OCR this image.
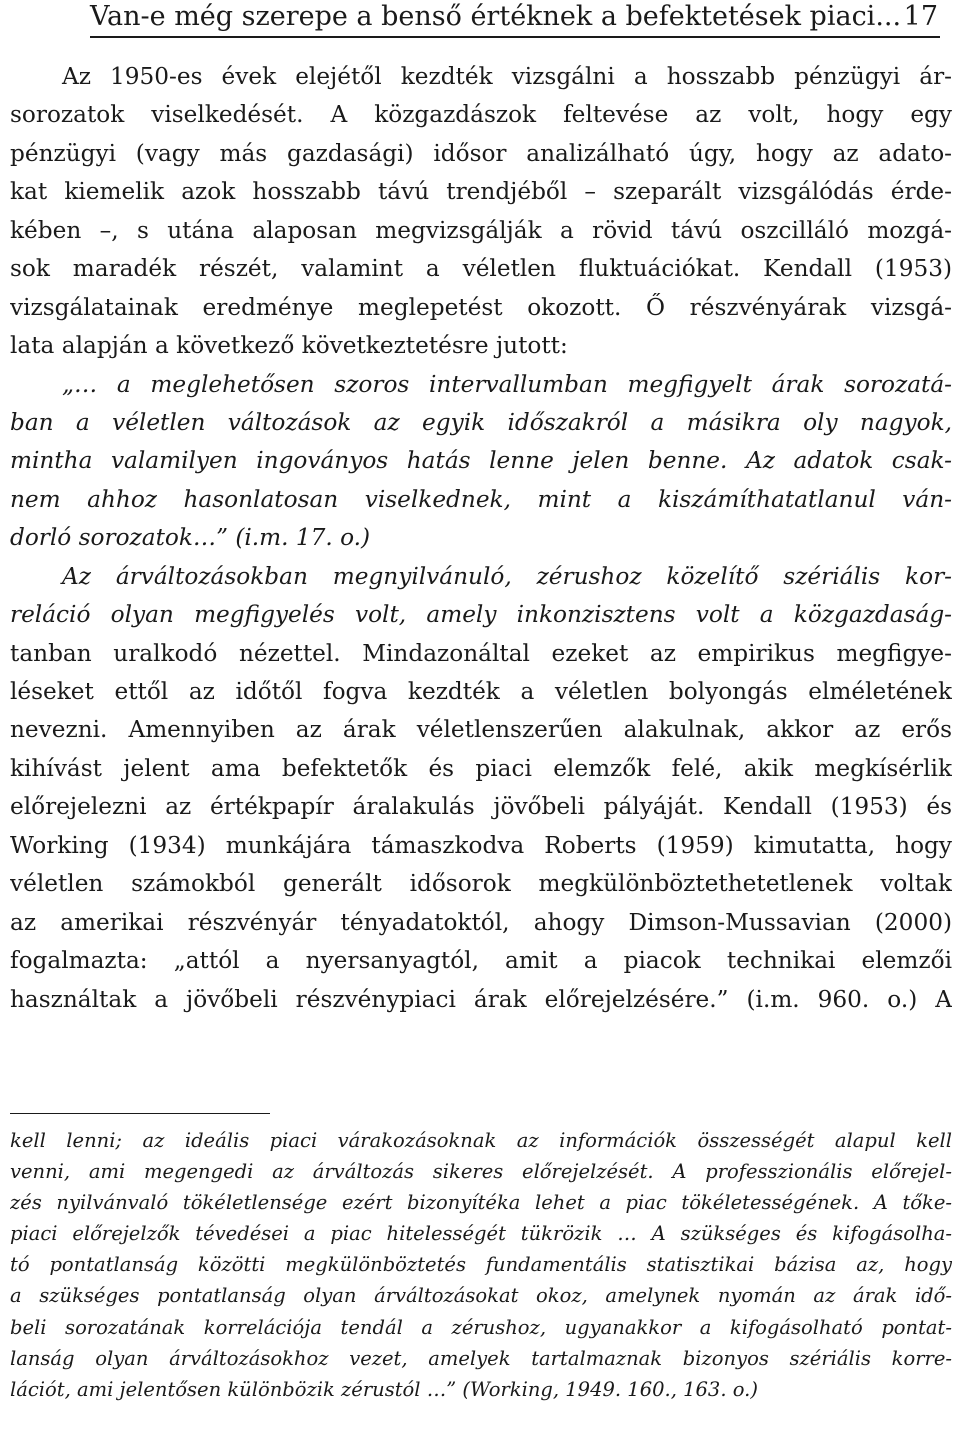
Van-e még szerepe a benső értéknek a befektetések piaci... 17
Az 1950-es évek elejétől kezdték vizsgálni a hosszabb pénzügyi ár-
sorozatok viselkedését. A közgazdászok feltevése az volt, hogy egy
pénzügyi (vagy más gazdasági) idősor analizálható úgy, hogy az adato-
kat kiemelik azok hosszabb távú trendjéből – szeparált vizsgálódás érde-
kében –, s utána alaposan megvizsgálják a rövid távú oszcilláló mozgá-
sok maradék részét, valamint a véletlen fluktuációkat. Kendall (1953)
vizsgálatainak eredménye meglepetést okozott. Ő részvényárak vizsgá-
lata alapján a következő következtetésre jutott:
„… a meglehetősen szoros intervallumban megfigyelt árak sorozatá-
ban a véletlen változások az egyik időszakról a másikra oly nagyok,
mintha valamilyen ingoványos hatás lenne jelen benne. Az adatok csak-
nem ahhoz hasonlatosan viselkednek, mint a kiszámíthatatlanul ván-
dorló sorozatok…” (i.m. 17. o.)
Az árváltozásokban megnyilvánuló, zérushoz közelítő szériális kor-
reláció olyan megfigyelés volt, amely inkonzisztens volt a közgazdaság-
tanban uralkodó nézettel. Mindazonáltal ezeket az empirikus megfigye-
léseket ettől az időtől fogva kezdték a véletlen bolyongás elméletének
nevezni. Amennyiben az árak véletlenszerűen alakulnak, akkor az erős
kihívást jelent ama befektetők és piaci elemzők felé, akik megkísérlik
előrejelezni az értékpapír áralakulás jövőbeli pályáját. Kendall (1953) és
Working (1934) munkájára támaszkodva Roberts (1959) kimutatta, hogy
véletlen számokból generált idősorok megkülönböztethetetlenek voltak
az amerikai részvényár tényadatoktól, ahogy Dimson-Mussavian (2000)
fogalmazta: „attól a nyersanyagtól, amit a piacok technikai elemzői
használtak a jövőbeli részvénypiaci árak előrejelzésére.” (i.m. 960. o.) A
kell lenni; az ideális piaci várakozásoknak az információk összességét alapul kell
venni, ami megengedi az árváltozás sikeres előrejelzését. A professzionális előrejel-
zés nyilvánvaló tökéletlensége ezért bizonyítéka lehet a piac tökéletességének. A tőke-
piaci előrejelzők tévedései a piac hitelességét tükrözik … A szükséges és kifogásolha-
tó pontatlanság közötti megkülönböztetés fundamentális statisztikai bázisa az, hogy
a szükséges pontatlanság olyan árváltozásokat okoz, amelynek nyomán az árak idő-
beli sorozatának korrelációja tendál a zérushoz, ugyanakkor a kifogásolható pontat-
lanság olyan árváltozásokhoz vezet, amelyek tartalmaznak bizonyos szériális korre-
lációt, ami jelentősen különbözik zérustól …” (Working, 1949. 160., 163. o.)
